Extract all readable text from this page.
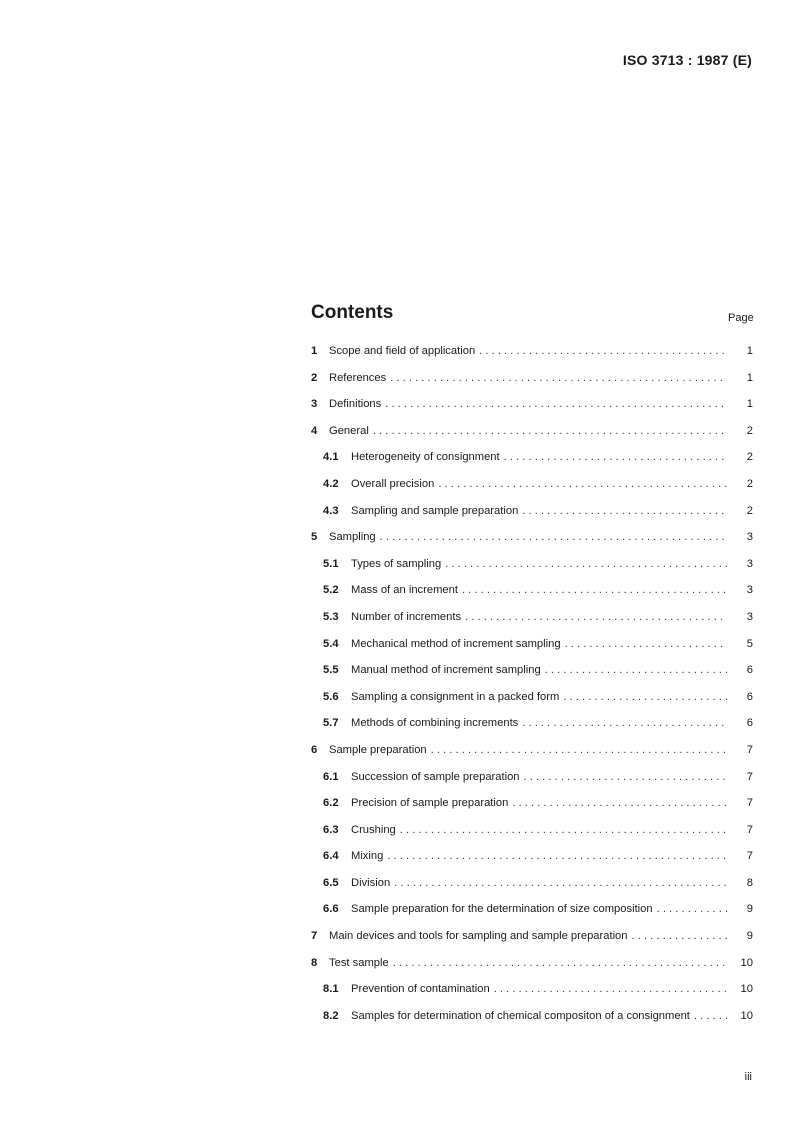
ISO 3713 : 1987 (E)
Contents	Page
1	Scope and field of application . . .	1
2	References . . .	1
3	Definitions . . .	1
4	General . . .	2
4.1	Heterogeneity of consignment . . .	2
4.2	Overall precision . . .	2
4.3	Sampling and sample preparation . . .	2
5	Sampling . . .	3
5.1	Types of sampling . . .	3
5.2	Mass of an increment . . .	3
5.3	Number of increments . . .	3
5.4	Mechanical method of increment sampling . . .	5
5.5	Manual method of increment sampling . . .	6
5.6	Sampling a consignment in a packed form . . .	6
5.7	Methods of combining increments . . .	6
6	Sample preparation . . .	7
6.1	Succession of sample preparation . . .	7
6.2	Precision of sample preparation . . .	7
6.3	Crushing . . .	7
6.4	Mixing . . .	7
6.5	Division . . .	8
6.6	Sample preparation for the determination of size composition . . .	9
7	Main devices and tools for sampling and sample preparation . . .	9
8	Test sample . . .	10
8.1	Prevention of contamination . . .	10
8.2	Samples for determination of chemical compositon of a consignment . . .	10
iii
